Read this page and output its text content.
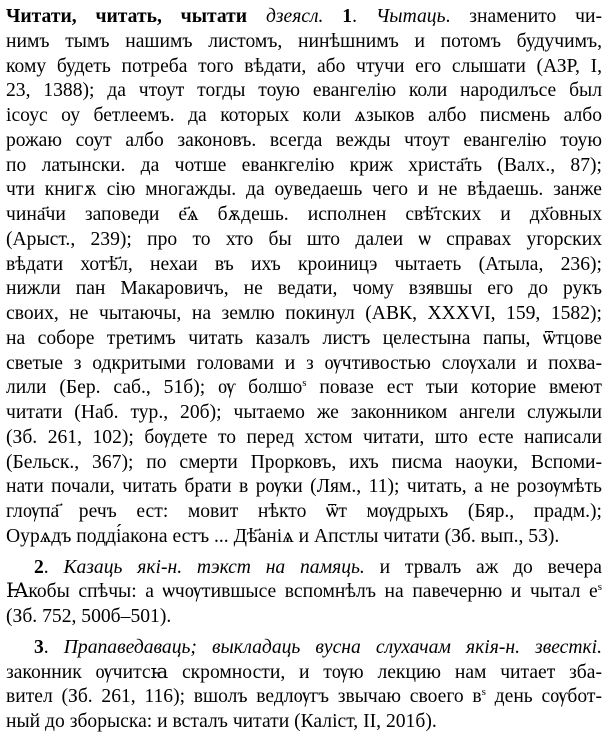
Читати, читать, чытати дзеясл. 1. Чытаць. знаменито чи-
нимъ тымъ нашимъ листомъ, нинѣшнимъ и потомъ будучимъ,
кому будеть потреба того вѣдати, або чтучи его слышати (АЗР, І,
23, 1388); да чтоут тогды тоую евангелію коли народилъсе был
ісоус оу бетлеемъ. да которых коли ѧзыков албо писмень албо
рожаю соут албо законовъ. всегда вежды чтоут евангелію тоую
по латынски. да чотше еванкгелію криж христа҃ть (Валх., 87);
чти книгѫ сію многажды. да оуведаешь чего и не вѣдаешь. занже
чина҃чи заповеди е҃ѧ бѫдешь. исполнен свѣ҃тских и дх҃овных
(Арыст., 239); про то хто бы што далеи ѡ справах угорских
вѣдати хотѣ҃л, нехаи въ ихъ кроиницэ чытаеть (Атыла, 236);
нижли пан Макаровичъ, не ведати, чому взявшы его до рукъ
своих, не чытаючы, на землю покинул (АВК, XXXVI, 159, 1582);
на соборе третимъ читать казалъ листъ целестына папы, ѿтцове
светые з одкритыми головами и з ѹчтивостью слѹхали и похва-
лили (Бер. саб., 51б); ѹ болшо$^s$ повазе ест тыи которие вмеют
читати (Наб. тур., 20б); чытаемо же законником ангели служыли
(Зб. 261, 102); бѹдете то перед хстом читати, што есте написали
(Бельск., 367); по смерти Прорковъ, ихъ писма наоуки, Вспоми-
нати почали, читать брати в рѹки (Лям., 11); читать, а не розѹмѣть
глѹпа҃ речъ ест: мовит нѣкто ѿт мѹдрыхъ (Бяр., прадм.);
Оурѧдъ подді́акона естъ ... Дѣ҃аніѧ и Апстлы читати (Зб. вып., 53).
2. Казаць які-н. тэкст на памяць. и трвалъ аж до вечера
Ꙗкобы спѣчы: а ѡчѹтившысе вспомнѣлъ на павечерню и чытал $е^s$
(Зб. 752, 500б–501).
3. Прапаведаваць; выкладаць вусна слухачам якія-н. звесткі.
законник ѹчитсꙗ скромности, и тѹю лекцию нам читает зба-
вител (Зб. 261, 116); вшолъ ведлѹгъ звычаю своего $в^s$ день сѹбот-
ный до зборыска: и всталъ читати (Каліст, II, 201б).
